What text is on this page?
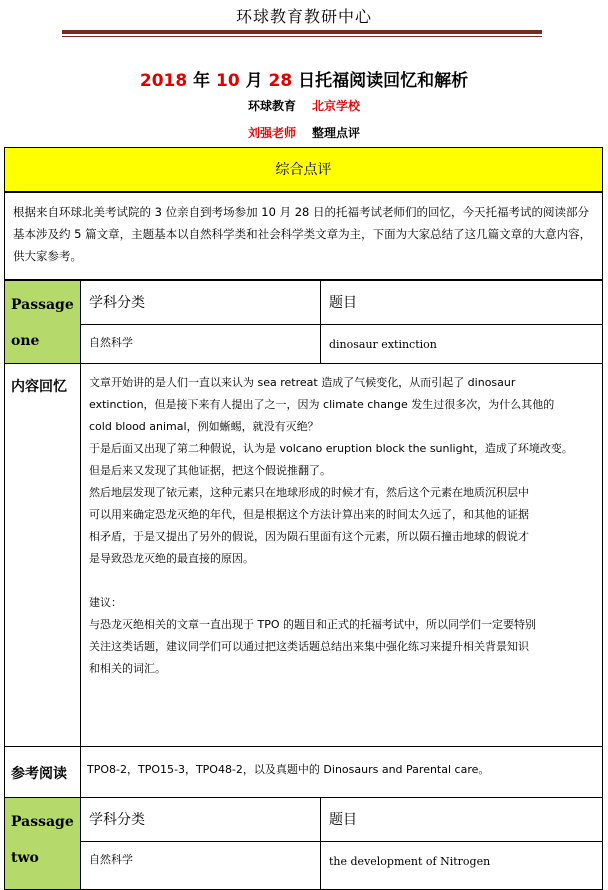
环球教育教研中心
2018 年 10 月 28 日托福阅读回忆和解析
环球教育 北京学校
刘强老师 整理点评
综合点评
根据来自环球北美考试院的 3 位亲自到考场参加 10 月 28 日的托福考试老师们的回忆，今天托福考试的阅读部分基本涉及约 5 篇文章，主题基本以自然科学类和社会科学类文章为主，下面为大家总结了这几篇文章的大意内容，供大家参考。
Passage
one
学科分类	题目
自然科学	dinosaur extinction
内容回忆	文章开始讲的是人们一直以来认为 sea retreat 造成了气候变化，从而引起了 dinosaur

extinction，但是接下来有人提出了之一，因为 climate change 发生过很多次，为什么其他的

cold blood animal，例如蜥蜴，就没有灭绝？

于是后面又出现了第二种假说，认为是 volcano eruption block the sunlight，造成了环境改变。

但是后来又发现了其他证据，把这个假说推翻了。

然后地层发现了铱元素，这种元素只在地球形成的时候才有，然后这个元素在地质沉积层中

可以用来确定恐龙灭绝的年代，但是根据这个方法计算出来的时间太久远了，和其他的证据

相矛盾，于是又提出了另外的假说，因为陨石里面有这个元素，所以陨石撞击地球的假说才

是导致恐龙灭绝的最直接的原因。

建议：

与恐龙灭绝相关的文章一直出现于 TPO 的题目和正式的托福考试中，所以同学们一定要特别

关注这类话题，建议同学们可以通过把这类话题总结出来集中强化练习来提升相关背景知识

和相关的词汇。

参考阅读	TPO8-2，TPO15-3，TPO48-2，以及真题中的 Dinosaurs and Parental care。
Passage
two
学科分类	题目
自然科学	the development of Nitrogen
